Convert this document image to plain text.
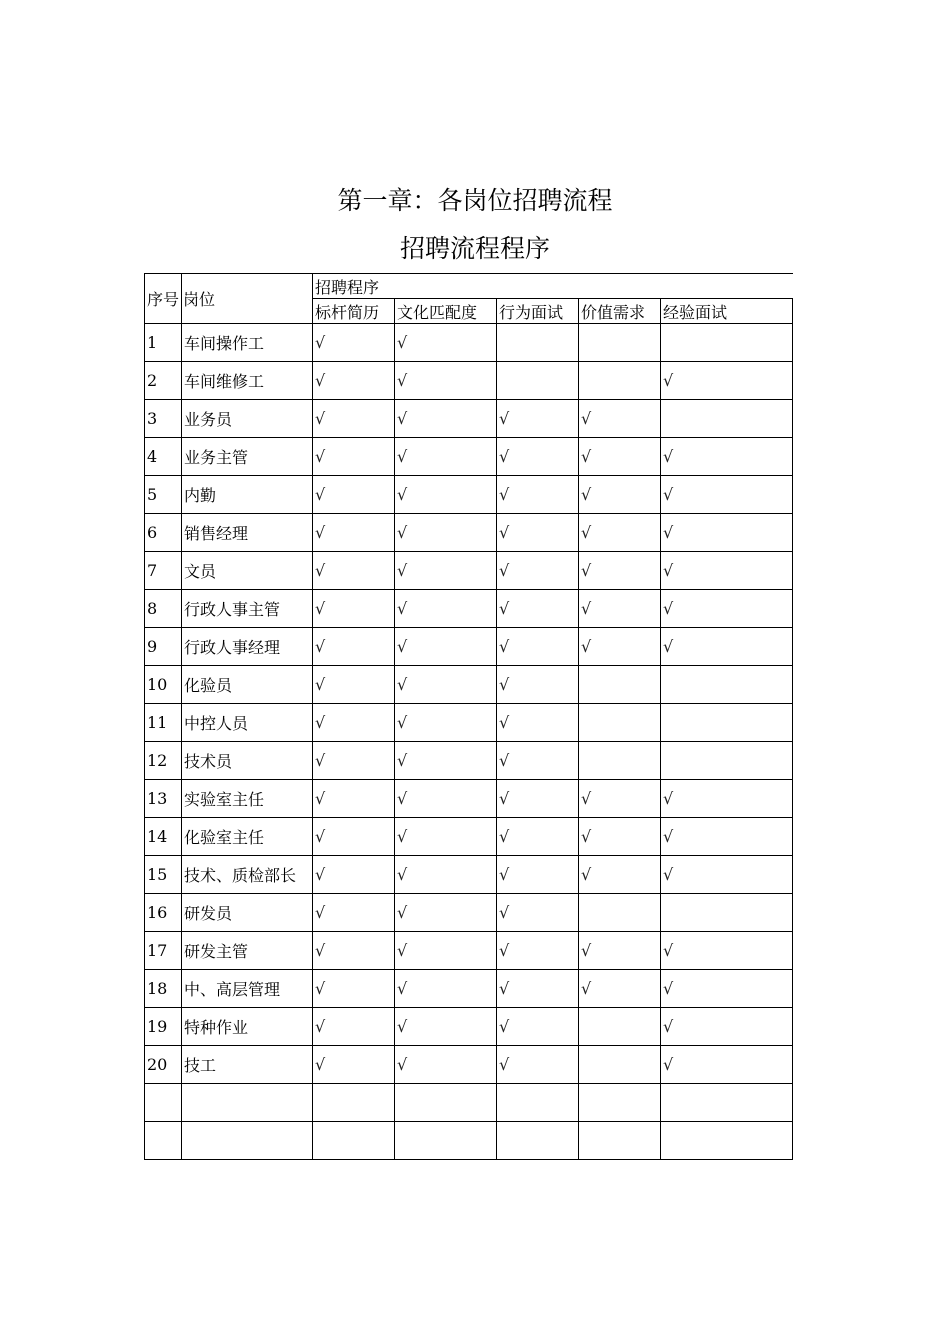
第一章：各岗位招聘流程
招聘流程程序
序号	岗位	招聘程序				
		标杆简历	文化匹配度	行为面试	价值需求	经验面试
1	车间操作工	√	√			
2	车间维修工	√	√			√
3	业务员	√	√	√	√	
4	业务主管	√	√	√	√	√
5	内勤	√	√	√	√	√
6	销售经理	√	√	√	√	√
7	文员	√	√	√	√	√
8	行政人事主管	√	√	√	√	√
9	行政人事经理	√	√	√	√	√
10	化验员	√	√	√		
11	中控人员	√	√	√		
12	技术员	√	√	√		
13	实验室主任	√	√	√	√	√
14	化验室主任	√	√	√	√	√
15	技术、质检部长	√	√	√	√	√
16	研发员	√	√	√		
17	研发主管	√	√	√	√	√
18	中、高层管理	√	√	√	√	√
19	特种作业	√	√	√		√
20	技工	√	√	√		√
